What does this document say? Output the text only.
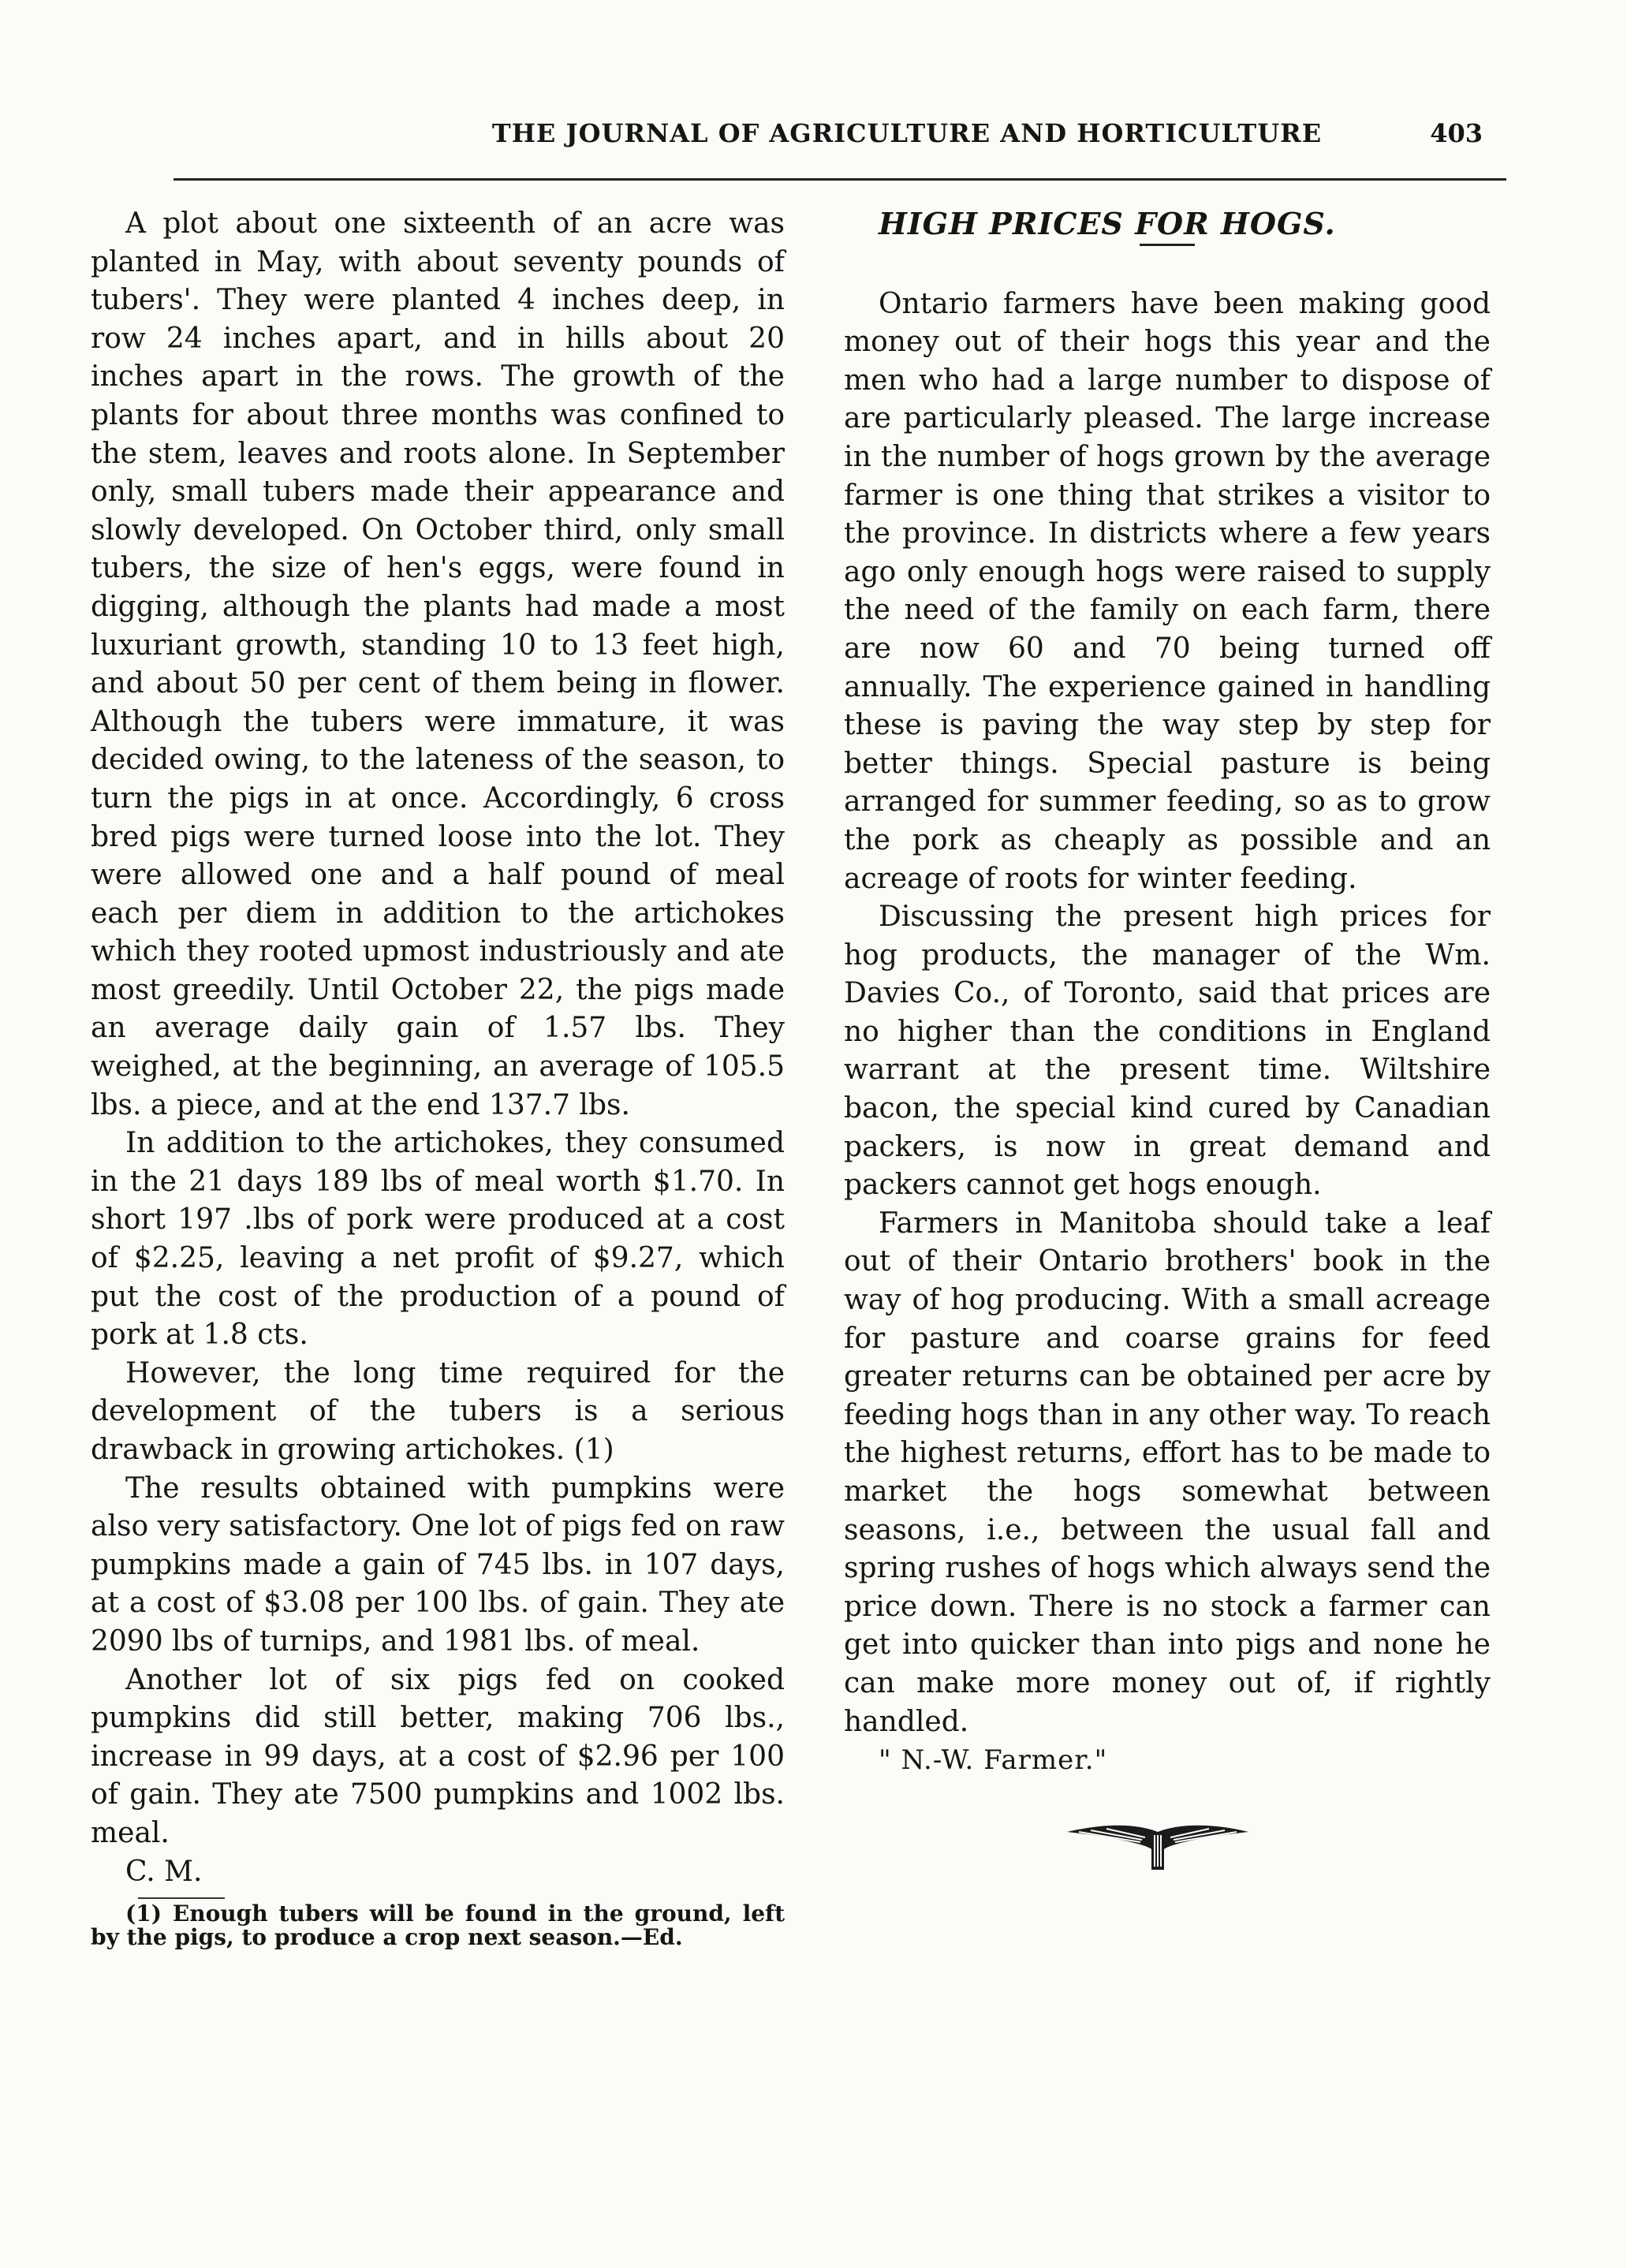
THE JOURNAL OF AGRICULTURE AND HORTICULTURE	403

A plot about one sixteenth of an acre was planted in May, with about seventy pounds of tubers'. They were planted 4 inches deep, in row 24 inches apart, and in hills about 20 inches apart in the rows. The growth of the plants for about three months was confined to the stem, leaves and roots alone. In September only, small tubers made their appearance and slowly developed. On October third, only small tubers, the size of hen's eggs, were found in digging, although the plants had made a most luxuriant growth, standing 10 to 13 feet high, and about 50 per cent of them being in flower. Although the tubers were immature, it was decided owing, to the lateness of the season, to turn the pigs in at once. Accordingly, 6 cross bred pigs were turned loose into the lot. They were allowed one and a half pound of meal each per diem in addition to the artichokes which they rooted upmost industriously and ate most greedily. Until October 22, the pigs made an average daily gain of 1.57 lbs. They weighed, at the beginning, an average of 105.5 lbs. a piece, and at the end 137.7 lbs.

In addition to the artichokes, they consumed in the 21 days 189 lbs of meal worth $1.70. In short 197 .lbs of pork were produced at a cost of $2.25, leaving a net profit of $9.27, which put the cost of the production of a pound of pork at 1.8 cts.

However, the long time required for the development of the tubers is a serious drawback in growing artichokes. (1)

The results obtained with pumpkins were also very satisfactory. One lot of pigs fed on raw pumpkins made a gain of 745 lbs. in 107 days, at a cost of $3.08 per 100 lbs. of gain. They ate 2090 lbs of turnips, and 1981 lbs. of meal.

Another lot of six pigs fed on cooked pumpkins did still better, making 706 lbs., increase in 99 days, at a cost of $2.96 per 100 of gain. They ate 7500 pumpkins and 1002 lbs. meal.

C. M.

(1) Enough tubers will be found in the ground, left by the pigs, to produce a crop next season.—Ed.

HIGH PRICES FOR HOGS.

Ontario farmers have been making good money out of their hogs this year and the men who had a large number to dispose of are particularly pleased. The large increase in the number of hogs grown by the average farmer is one thing that strikes a visitor to the province. In districts where a few years ago only enough hogs were raised to supply the need of the family on each farm, there are now 60 and 70 being turned off annually. The experience gained in handling these is paving the way step by step for better things. Special pasture is being arranged for summer feeding, so as to grow the pork as cheaply as possible and an acreage of roots for winter feeding.

Discussing the present high prices for hog products, the manager of the Wm. Davies Co., of Toronto, said that prices are no higher than the conditions in England warrant at the present time. Wiltshire bacon, the special kind cured by Canadian packers, is now in great demand and packers cannot get hogs enough.

Farmers in Manitoba should take a leaf out of their Ontario brothers' book in the way of hog producing. With a small acreage for pasture and coarse grains for feed greater returns can be obtained per acre by feeding hogs than in any other way. To reach the highest returns, effort has to be made to market the hogs somewhat between seasons, i.e., between the usual fall and spring rushes of hogs which always send the price down. There is no stock a farmer can get into quicker than into pigs and none he can make more money out of, if rightly handled.

" N.-W. Farmer."
